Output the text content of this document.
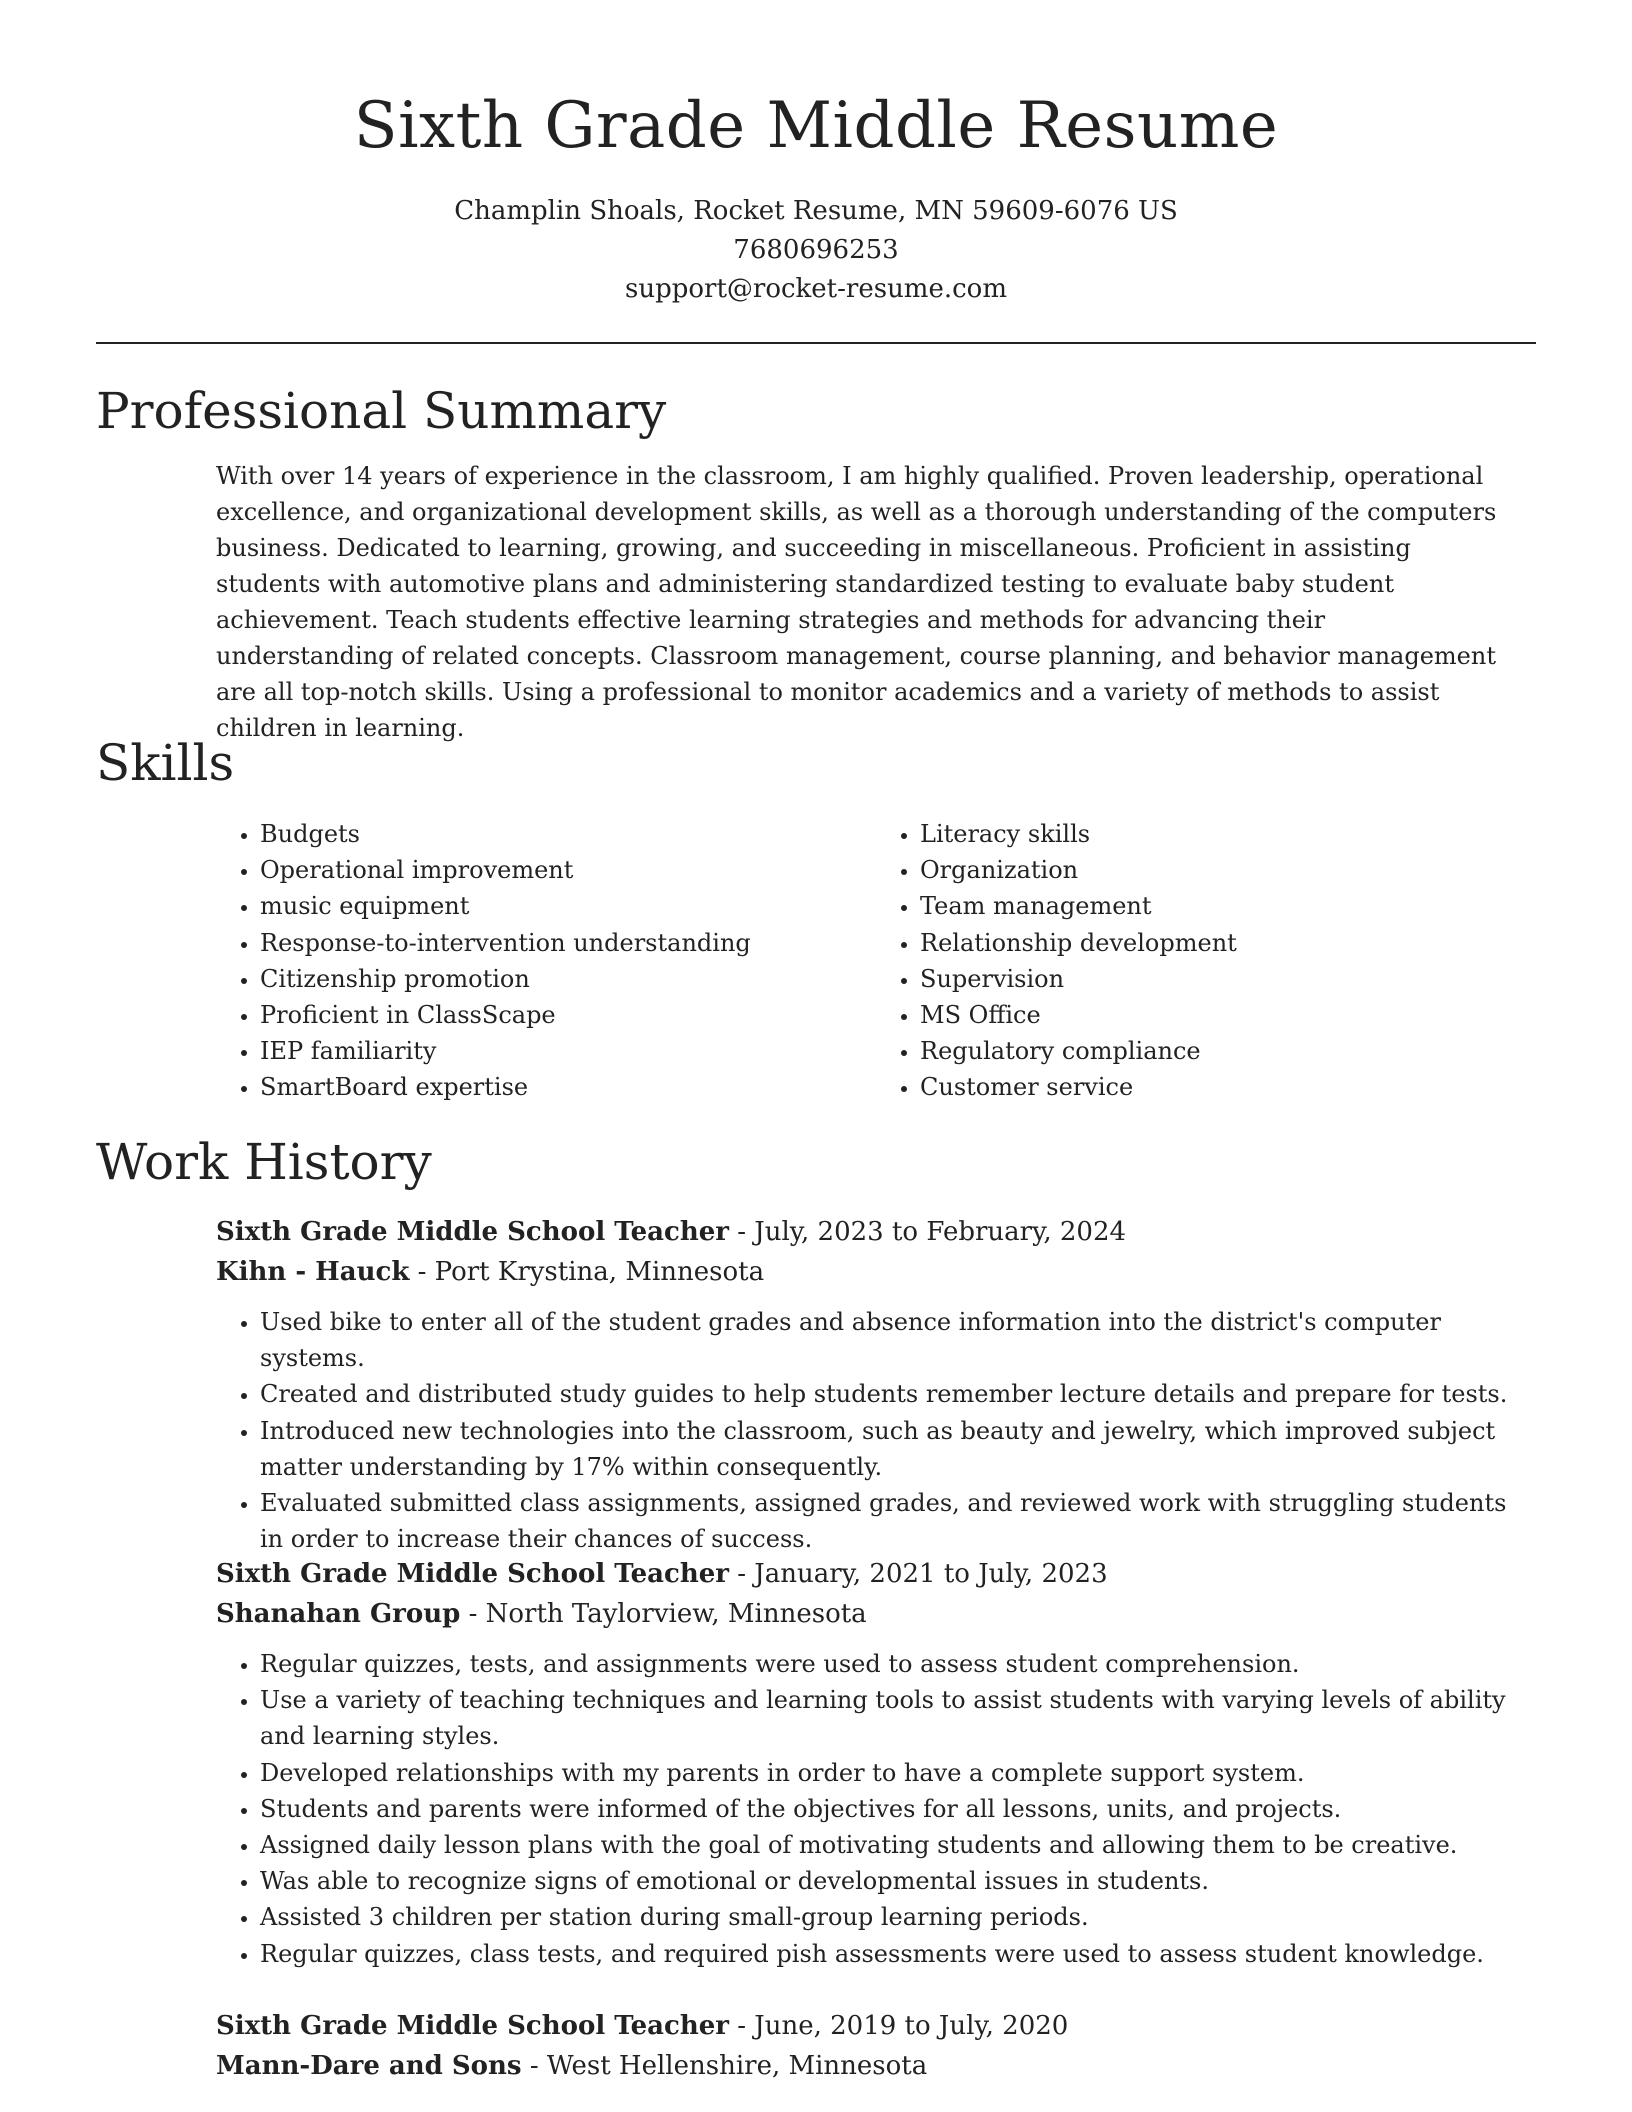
Sixth Grade Middle Resume
Champlin Shoals, Rocket Resume, MN 59609-6076 US
7680696253
support@rocket-resume.com
Professional Summary

With over 14 years of experience in the classroom, I am highly qualified. Proven leadership, operational excellence, and organizational development skills, as well as a thorough understanding of the computers business. Dedicated to learning, growing, and succeeding in miscellaneous. Proficient in assisting students with automotive plans and administering standardized testing to evaluate baby student achievement. Teach students effective learning strategies and methods for advancing their understanding of related concepts. Classroom management, course planning, and behavior management are all top-notch skills. Using a professional to monitor academics and a variety of methods to assist children in learning.

Skills
• Budgets
• Operational improvement
• music equipment
• Response-to-intervention understanding
• Citizenship promotion
• Proficient in ClassScape
• IEP familiarity
• SmartBoard expertise
• Literacy skills
• Organization
• Team management
• Relationship development
• Supervision
• MS Office
• Regulatory compliance
• Customer service
Work History
Sixth Grade Middle School Teacher - July, 2023 to February, 2024
Kihn - Hauck - Port Krystina, Minnesota
• Used bike to enter all of the student grades and absence information into the district's computer systems.
• Created and distributed study guides to help students remember lecture details and prepare for tests.
• Introduced new technologies into the classroom, such as beauty and jewelry, which improved subject matter understanding by 17% within consequently.
• Evaluated submitted class assignments, assigned grades, and reviewed work with struggling students in order to increase their chances of success.
Sixth Grade Middle School Teacher - January, 2021 to July, 2023
Shanahan Group - North Taylorview, Minnesota
• Regular quizzes, tests, and assignments were used to assess student comprehension.
• Use a variety of teaching techniques and learning tools to assist students with varying levels of ability and learning styles.
• Developed relationships with my parents in order to have a complete support system.
• Students and parents were informed of the objectives for all lessons, units, and projects.
• Assigned daily lesson plans with the goal of motivating students and allowing them to be creative.
• Was able to recognize signs of emotional or developmental issues in students.
• Assisted 3 children per station during small-group learning periods.
• Regular quizzes, class tests, and required pish assessments were used to assess student knowledge.
Sixth Grade Middle School Teacher - June, 2019 to July, 2020
Mann-Dare and Sons - West Hellenshire, Minnesota
